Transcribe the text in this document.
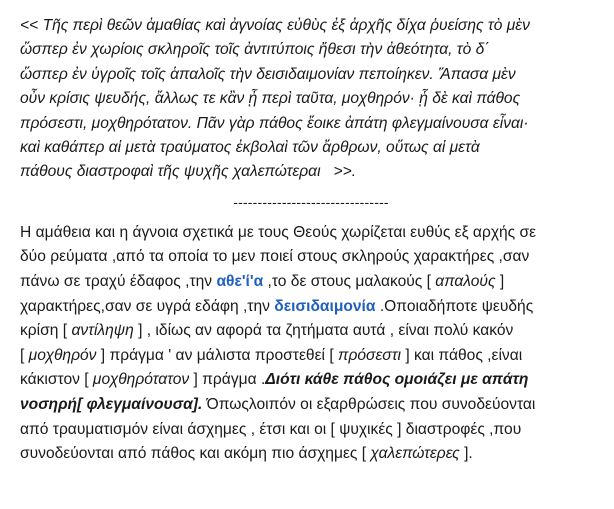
<< Τῆς περὶ θεῶν ἀμαθίας καὶ ἀγνοίας εὐθὺς ἐξ ἀρχῆς δίχα ῥυείσης τὸ μὲν
ὥσπερ ἐν χωρίοις σκληροῖς τοῖς ἀντιτύποις ἤθεσι τὴν ἀθεότητα, τὸ δ΄
ὥσπερ ἐν ὑγροῖς τοῖς ἁπαλοῖς τὴν δεισιδαιμονίαν πεποίηκεν. Ἅπασα μὲν
οὖν κρίσις ψευδής, ἄλλως τε κἂν ᾖ περὶ ταῦτα, μοχθηρόν· ᾗ δὲ καὶ πάθος
πρόσεστι, μοχθηρότατον. Πᾶν γὰρ πάθος ἔοικε ἀπάτη φλεγμαίνουσα εἶναι·
καὶ καθάπερ αἱ μετὰ τραύματος ἐκβολαὶ τῶν ἄρθρων, οὕτως αἱ μετὰ
πάθους διαστροφαὶ τῆς ψυχῆς χαλεπώτεραι >>.

--------------------------------

Η αμάθεια και η άγνοια σχετικά με τους Θεούς χωρίζεται ευθύς εξ αρχής σε
δύο ρεύματα ,από τα οποία το μεν ποιεί στους σκληρούς χαρακτήρες ,σαν
πάνω σε τραχύ έδαφος ,την αθε'ί'α ,το δε στους μαλακούς [ απαλούς ]
χαρακτήρες,σαν σε υγρά εδάφη ,την δεισιδαιμονία .Οποιαδήποτε ψευδής
κρίση [ αντίληψη ] , ιδίως αν αφορά τα ζητήματα αυτά , είναι πολύ κακόν
[ μοχθηρόν ] πράγμα ' αν μάλιστα προστεθεί [ πρόσεστι ] και πάθος ,είναι
κάκιστον [ μοχθηρότατον ] πράγμα .Διότι κάθε πάθος ομοιάζει με απάτη
νοσηρή[ φλεγμαίνουσα]. Όπωςλοιπόν οι εξαρθρώσεις που συνοδεύονται
από τραυματισμόν είναι άσχημες , έτσι και οι [ ψυχικές ] διαστροφές ,που
συνοδεύονται από πάθος και ακόμη πιο άσχημες [ χαλεπώτερες ].
